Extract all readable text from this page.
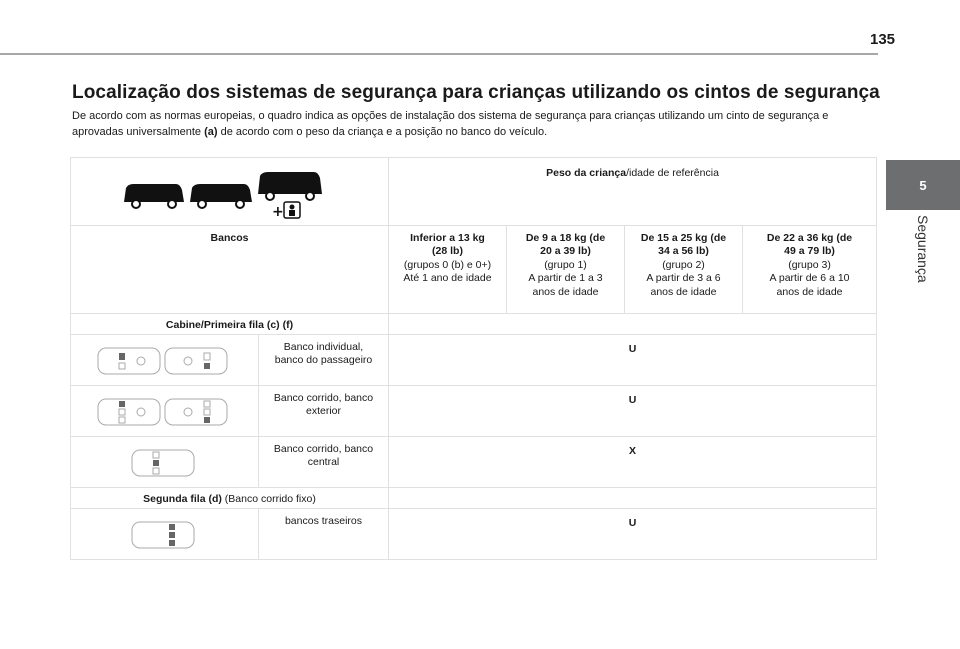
135
5
Segurança
Localização dos sistemas de segurança para crianças utilizando os cintos de segurança

De acordo com as normas europeias, o quadro indica as opções de instalação dos sistema de segurança para crianças utilizando um cinto de segurança e aprovadas universalmente (a) de acordo com o peso da criança e a posição no banco do veículo.

+		Peso da criança/idade de referência			
Bancos		Inferior a 13 kg
(28 lb)
(grupos 0 (b) e 0+)
Até 1 ano de idade	De 9 a 18 kg (de
20 a 39 lb)
(grupo 1)
A partir de 1 a 3
anos de idade	De 15 a 25 kg (de
34 a 56 lb)
(grupo 2)
A partir de 3 a 6
anos de idade	De 22 a 36 kg (de
49 a 79 lb)
(grupo 3)
A partir de 6 a 10
anos de idade
Cabine/Primeira fila (c) (f)					

	Banco individual,
banco do passageiro	U			

	Banco corrido, banco
exterior	U			

	Banco corrido, banco
central	X			
Segunda fila (d) (Banco corrido fixo)					

	bancos traseiros	U			
